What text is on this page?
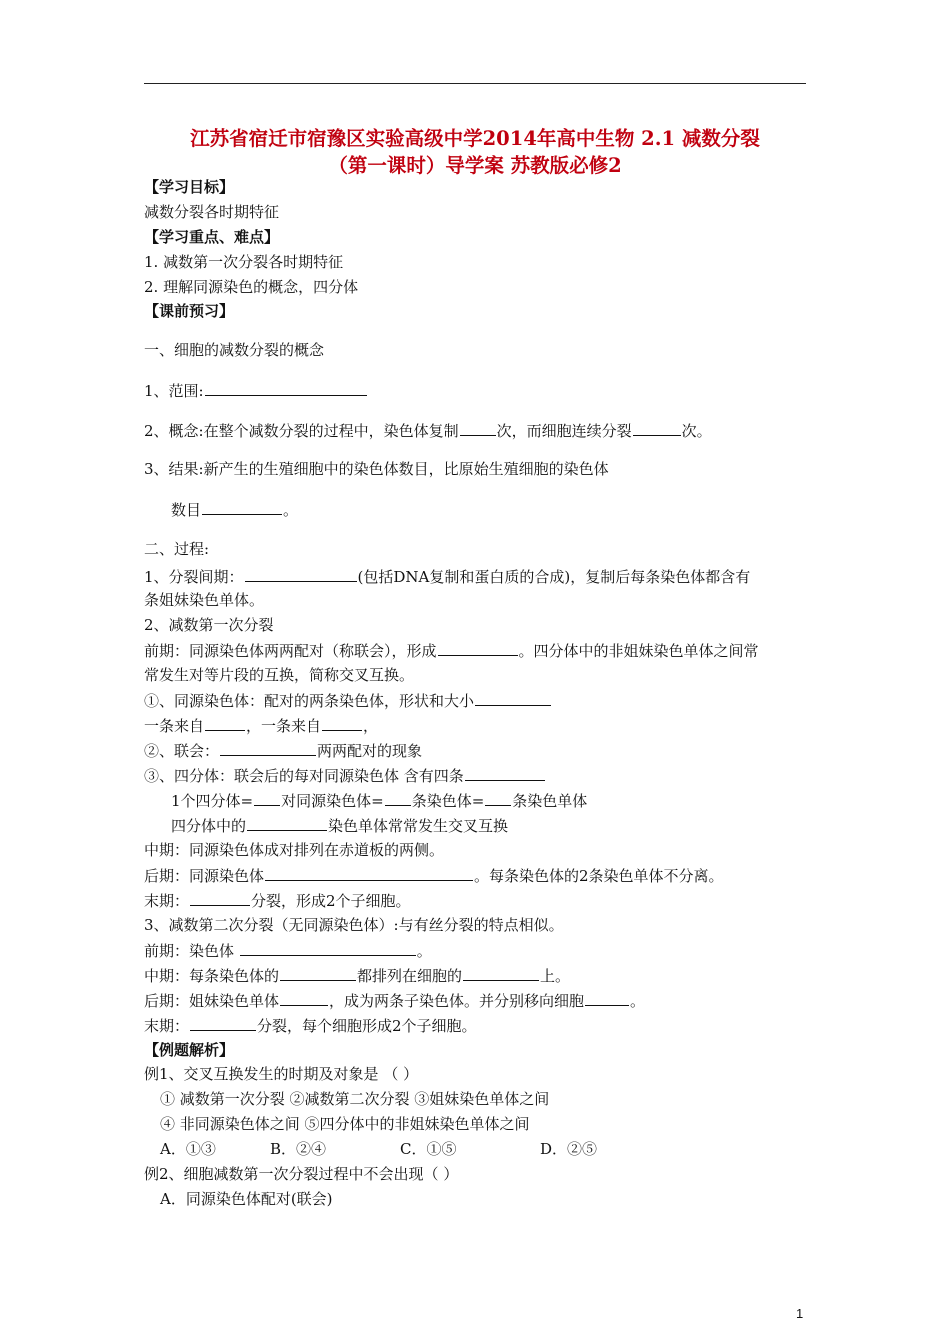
江苏省宿迁市宿豫区实验高级中学2014年高中生物 2.1 减数分裂
（第一课时）导学案 苏教版必修2
【学习目标】
减数分裂各时期特征
【学习重点、难点】
1. 减数第一次分裂各时期特征
2. 理解同源染色的概念，四分体
【课前预习】
一、细胞的减数分裂的概念
1、范围:
2、概念:在整个减数分裂的过程中，染色体复制	次，而细胞连续分裂	次。
3、结果:新产生的生殖细胞中的染色体数目，比原始生殖细胞的染色体
数目	。
二、过程:
1、分裂间期：	(包括DNA复制和蛋白质的合成)，复制后每条染色体都含有
条姐妹染色单体。
2、减数第一次分裂
前期：同源染色体两两配对（称联会），形成	。四分体中的非姐妹染色单体之间常
常发生对等片段的互换，简称交叉互换。
①、同源染色体：配对的两条染色体，形状和大小
一条来自	，一条来自	，
②、联会：	两两配对的现象
③、四分体：联会后的每对同源染色体 含有四条
1个四分体= 对同源染色体= 条染色体= 条染色单体
四分体中的	染色单体常常发生交叉互换
中期：同源染色体成对排列在赤道板的两侧。
后期：同源染色体	。每条染色体的2条染色单体不分离。
末期：	分裂，形成2个子细胞。
3、减数第二次分裂（无同源染色体）:与有丝分裂的特点相似。
前期：染色体	。
中期：每条染色体的	都排列在细胞的	上。
后期：姐妹染色单体	，成为两条子染色体。并分别移向细胞	。
末期：	分裂，每个细胞形成2个子细胞。
【例题解析】
例1、交叉互换发生的时期及对象是 （ ）
① 减数第一次分裂 ②减数第二次分裂 ③姐妹染色单体之间
④ 非同源染色体之间 ⑤四分体中的非姐妹染色单体之间
A．①③	B．②④	C．①⑤	D．②⑤
例2、细胞减数第一次分裂过程中不会出现（ ）
A．同源染色体配对(联会)
1
